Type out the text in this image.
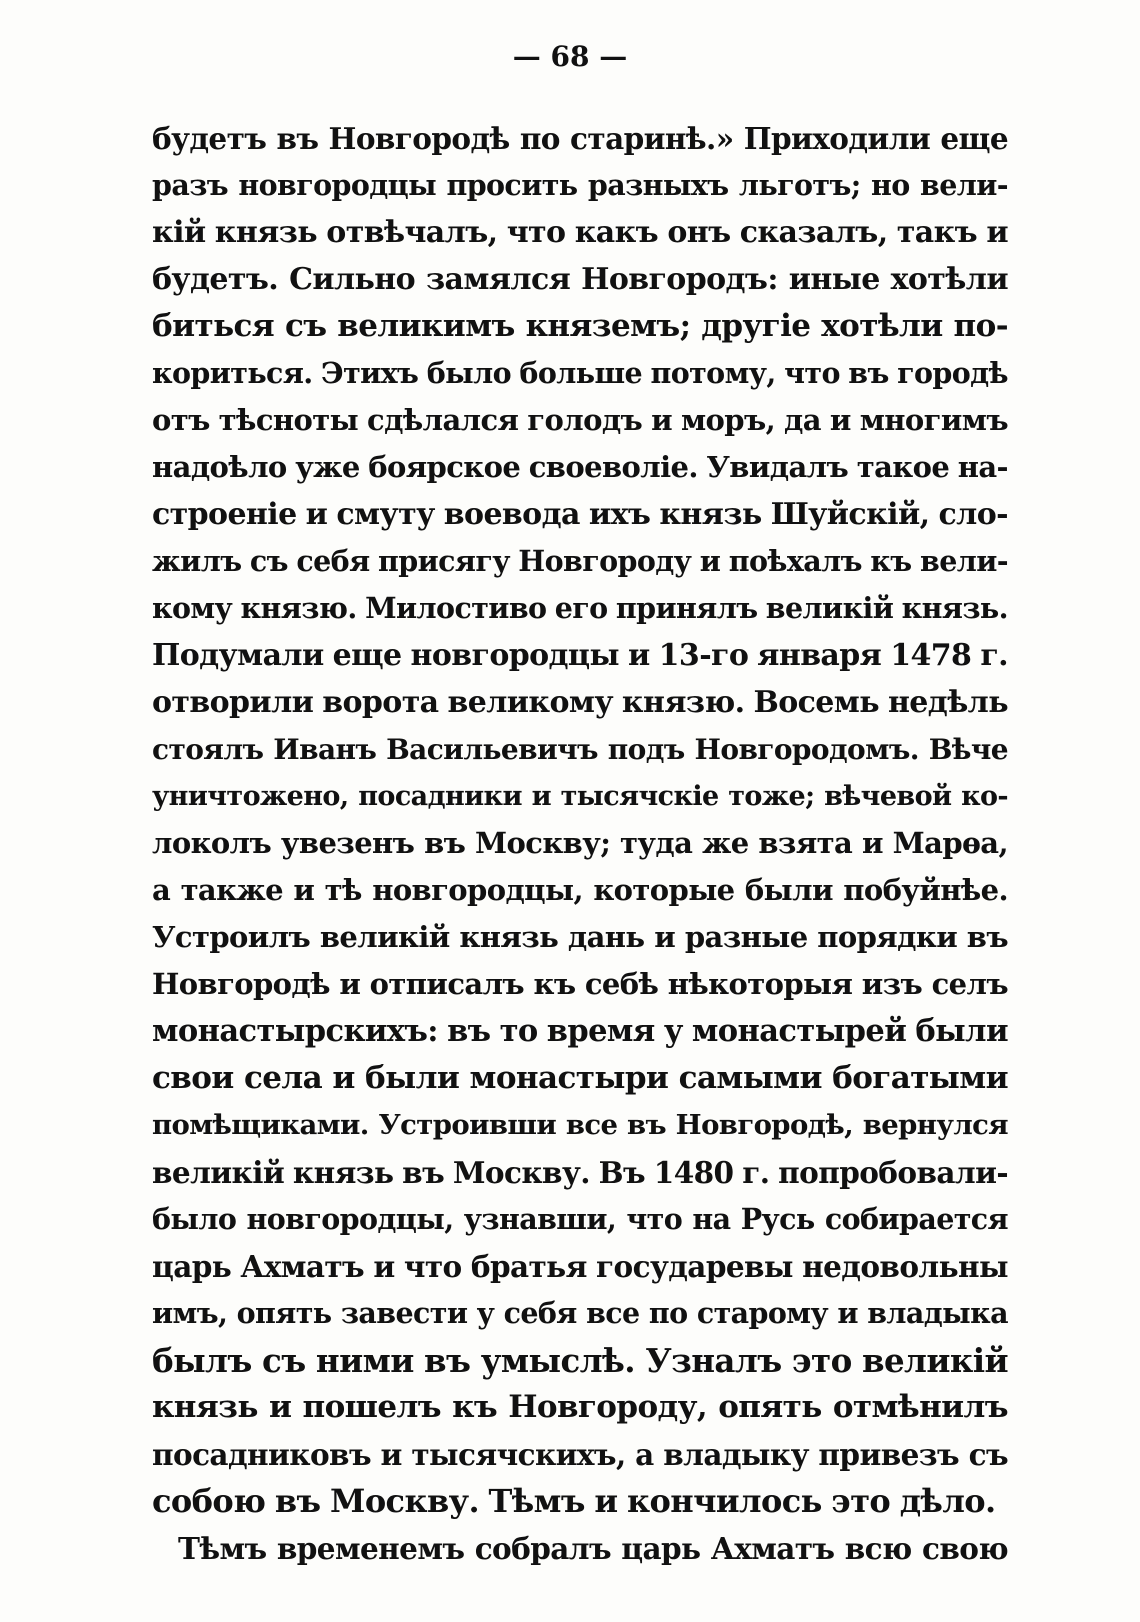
— 68 —
будетъ въ Новгородѣ по старинѣ.» Приходили еще
разъ новгородцы просить разныхъ льготъ; но вели-
кій князь отвѣчалъ, что какъ онъ сказалъ, такъ и
будетъ. Сильно замялся Новгородъ: иные хотѣли
биться съ великимъ княземъ; другіе хотѣли по-
кориться. Этихъ было больше потому, что въ городѣ
отъ тѣсноты сдѣлался голодъ и моръ, да и многимъ
надоѣло уже боярское своеволіе. Увидалъ такое на-
строеніе и смуту воевода ихъ князь Шуйскій, сло-
жилъ съ себя присягу Новгороду и поѣхалъ къ вели-
кому князю. Милостиво его принялъ великій князь.
Подумали еще новгородцы и 13-го января 1478 г.
отворили ворота великому князю. Восемь недѣль
стоялъ Иванъ Васильевичъ подъ Новгородомъ. Вѣче
уничтожено, посадники и тысячскіе тоже; вѣчевой ко-
локолъ увезенъ въ Москву; туда же взята и Марѳа,
а также и тѣ новгородцы, которые были побуйнѣе.
Устроилъ великій князь дань и разные порядки въ
Новгородѣ и отписалъ къ себѣ нѣкоторыя изъ селъ
монастырскихъ: въ то время у монастырей были
свои села и были монастыри самыми богатыми
помѣщиками. Устроивши все въ Новгородѣ, вернулся
великій князь въ Москву. Въ 1480 г. попробовали-
было новгородцы, узнавши, что на Русь собирается
царь Ахматъ и что братья государевы недовольны
имъ, опять завести у себя все по старому и владыка
былъ съ ними въ умыслѣ. Узналъ это великій
князь и пошелъ къ Новгороду, опять отмѣнилъ
посадниковъ и тысячскихъ, а владыку привезъ съ
собою въ Москву. Тѣмъ и кончилось это дѣло.
Тѣмъ временемъ собралъ царь Ахматъ всю свою
